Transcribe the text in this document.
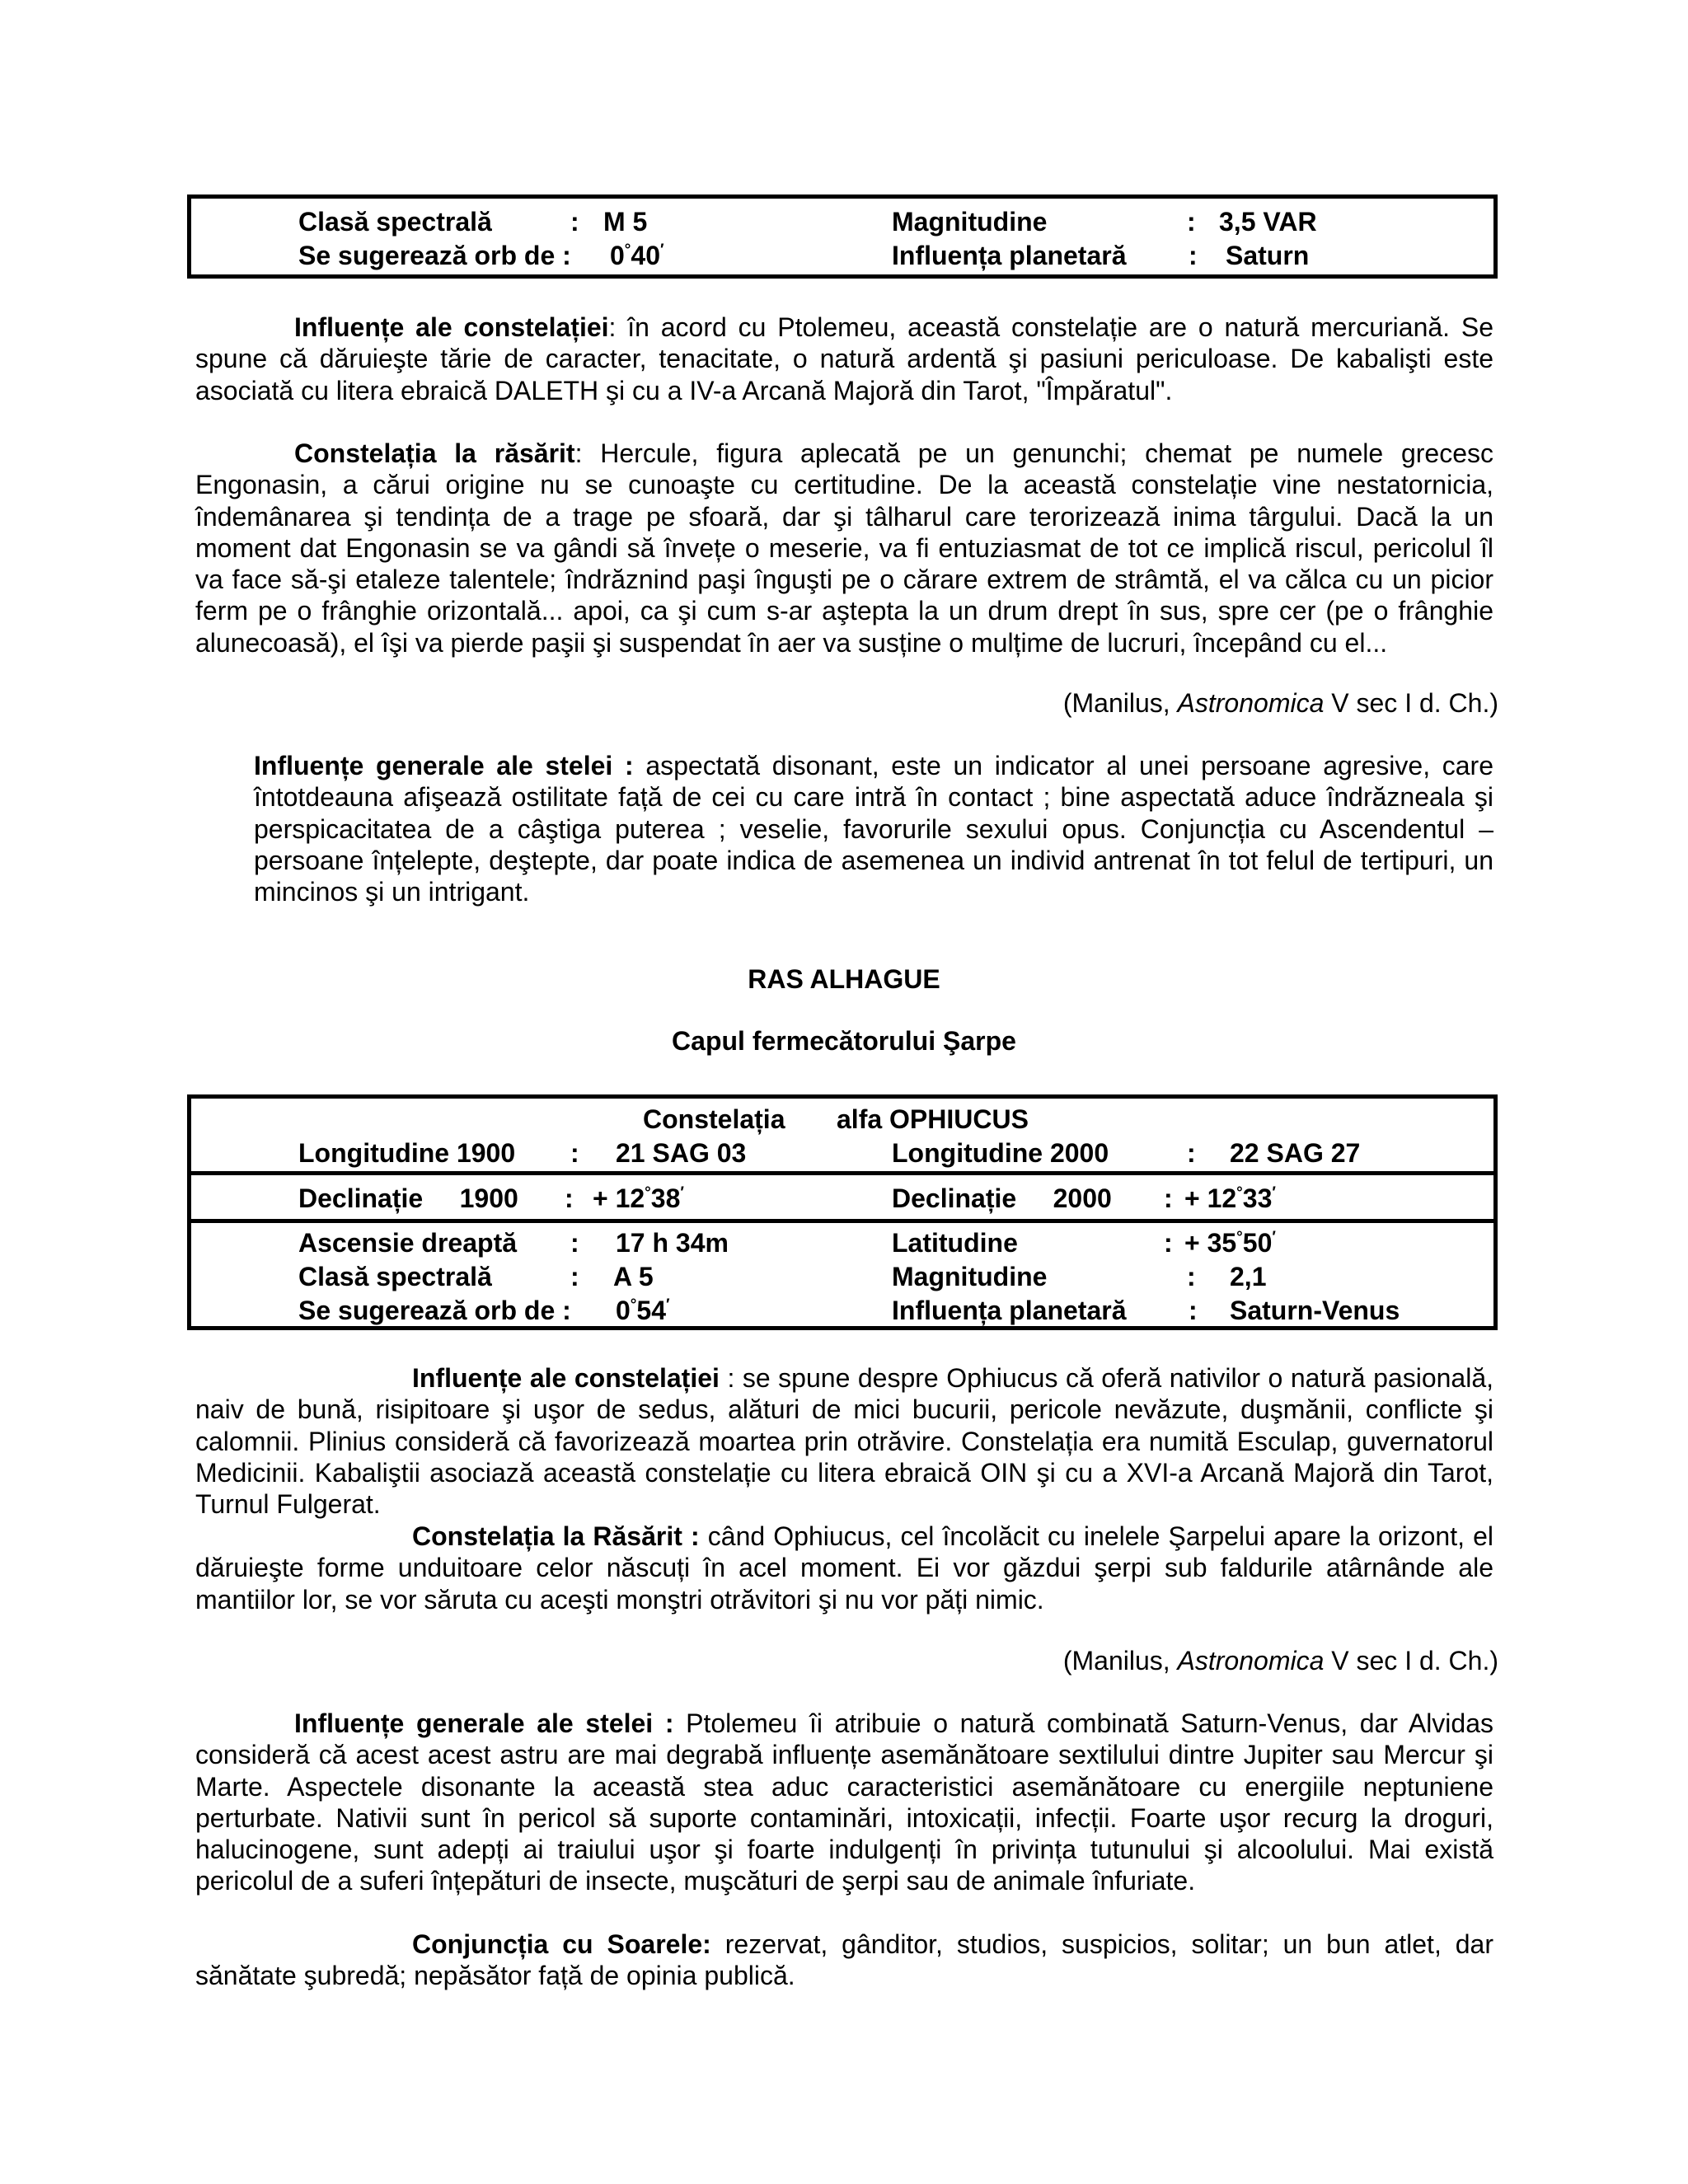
Clasă spectrală	: M 5	Magnitudine	: 3,5 VAR
Se sugerează orb de : 0°40′	Influența planetară : Saturn

Influențe ale constelației: în acord cu Ptolemeu, această constelație are o natură mercuriană. Se spune că dăruieşte tărie de caracter, tenacitate, o natură ardentă şi pasiuni periculoase. De kabalişti este asociată cu litera ebraică DALETH şi cu a IV-a Arcană Majoră din Tarot, "Împăratul".

Constelația la răsărit: Hercule, figura aplecată pe un genunchi; chemat pe numele grecesc Engonasin, a cărui origine nu se cunoaşte cu certitudine. De la această constelație vine nestatornicia, îndemânarea şi tendința de a trage pe sfoară, dar şi tâlharul care terorizează inima târgului. Dacă la un moment dat Engonasin se va gândi să învețe o meserie, va fi entuziasmat de tot ce implică riscul, pericolul îl va face să-şi etaleze talentele; îndrăznind paşi înguşti pe o cărare extrem de strâmtă, el va călca cu un picior ferm pe o frânghie orizontală... apoi, ca şi cum s-ar aştepta la un drum drept în sus, spre cer (pe o frânghie alunecoasă), el îşi va pierde paşii şi suspendat în aer va susține o mulțime de lucruri, începând cu el...

(Manilus, Astronomica V sec I d. Ch.)

Influențe generale ale stelei : aspectată disonant, este un indicator al unei persoane agresive, care întotdeauna afişează ostilitate față de cei cu care intră în contact ; bine aspectată aduce îndrăzneala şi perspicacitatea de a câştiga puterea ; veselie, favorurile sexului opus. Conjuncția cu Ascendentul – persoane înțelepte, deştepte, dar poate indica de asemenea un individ antrenat în tot felul de tertipuri, un mincinos şi un intrigant.

RAS ALHAGUE

Capul fermecătorului Şarpe

Constelația alfa OPHIUCUS
Longitudine 1900 : 21 SAG 03	Longitudine 2000	: 22 SAG 27
Declinație     1900 : + 12°38′	Declinație     2000 : + 12°33′
Ascensie dreaptă : 17 h 34m	Latitudine	: + 35°50′
Clasă spectrală	: A 5	Magnitudine	: 2,1
Se sugerează orb de : 0°54′	Influența planetară : Saturn-Venus

Influențe ale constelației : se spune despre Ophiucus că oferă nativilor o natură pasională, naiv de bună, risipitoare şi uşor de sedus, alături de mici bucurii, pericole nevăzute, duşmănii, conflicte şi calomnii. Plinius consideră că favorizează moartea prin otrăvire. Constelația era numită Esculap, guvernatorul Medicinii. Kabaliştii asociază această constelație cu litera ebraică OIN şi cu a XVI-a Arcană Majoră din Tarot, Turnul Fulgerat.

Constelația la Răsărit : când Ophiucus, cel încolăcit cu inelele Şarpelui apare la orizont, el dăruieşte forme unduitoare celor născuți în acel moment. Ei vor găzdui şerpi sub faldurile atârnânde ale mantiilor lor, se vor săruta cu aceşti monştri otrăvitori şi nu vor păți nimic.

(Manilus, Astronomica V sec I d. Ch.)

Influențe generale ale stelei : Ptolemeu îi atribuie o natură combinată Saturn-Venus, dar Alvidas consideră că acest acest astru are mai degrabă influențe asemănătoare sextilului dintre Jupiter sau Mercur şi Marte. Aspectele disonante la această stea aduc caracteristici asemănătoare cu energiile neptuniene perturbate. Nativii sunt în pericol să suporte contaminări, intoxicații, infecții. Foarte uşor recurg la droguri, halucinogene, sunt adepți ai traiului uşor şi foarte indulgenți în privința tutunului şi alcoolului. Mai există pericolul de a suferi înțepături de insecte, muşcături de şerpi sau de animale înfuriate.

Conjuncția cu Soarele: rezervat, gânditor, studios, suspicios, solitar; un bun atlet, dar sănătate şubredă; nepăsător față de opinia publică.
